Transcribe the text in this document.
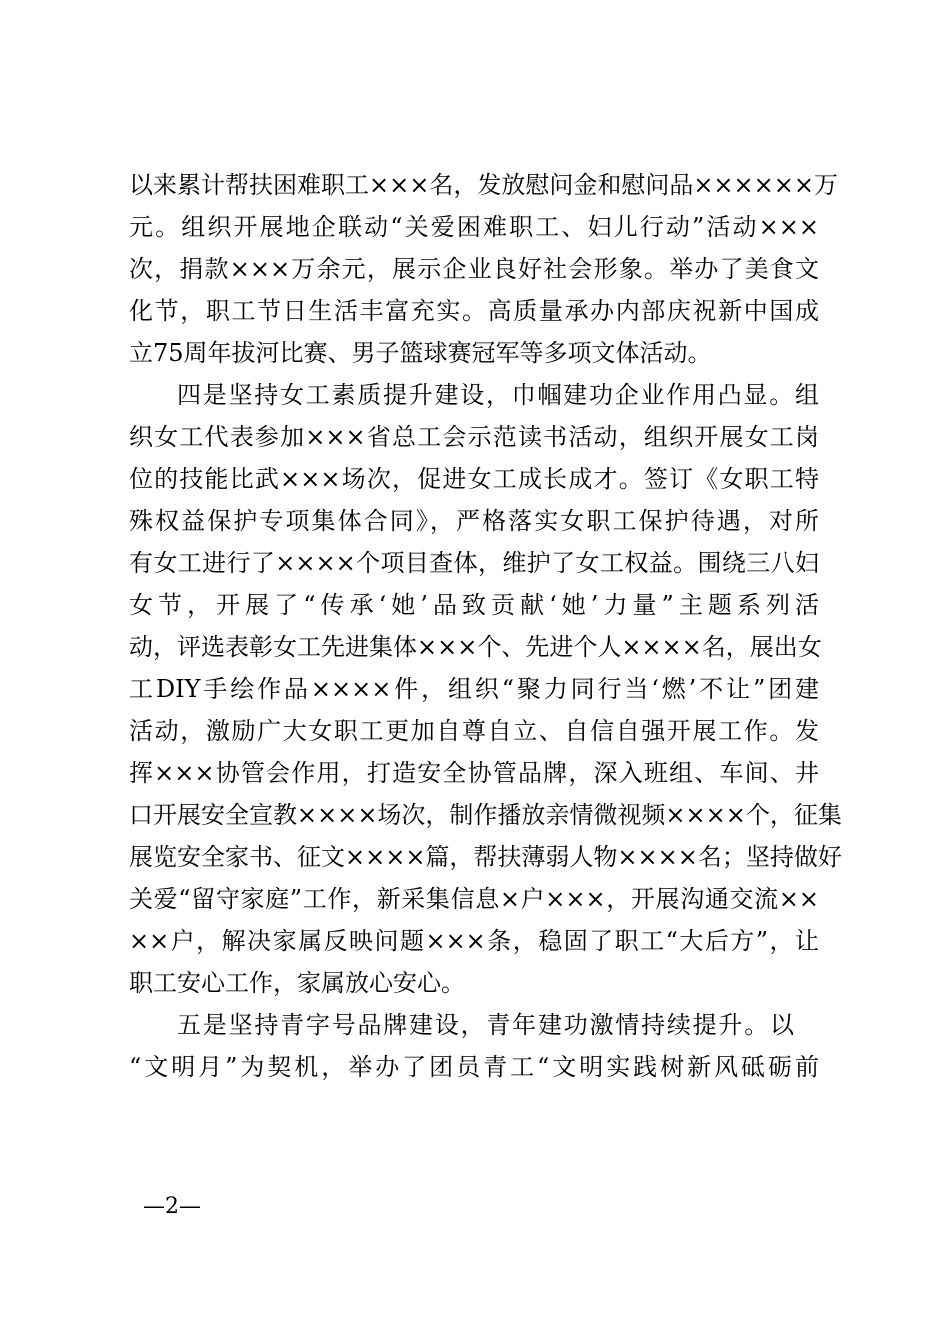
以来累计帮扶困难职工×××名，发放慰问金和慰问品××××××万
元。组织开展地企联动“关爱困难职工、妇儿行动”活动×××
次，捐款×××万余元，展示企业良好社会形象。举办了美食文
化节，职工节日生活丰富充实。高质量承办内部庆祝新中国成
立75周年拔河比赛、男子篮球赛冠军等多项文体活动。
四是坚持女工素质提升建设，巾帼建功企业作用凸显。组
织女工代表参加×××省总工会示范读书活动，组织开展女工岗
位的技能比武×××场次，促进女工成长成才。签订《女职工特
殊权益保护专项集体合同》，严格落实女职工保护待遇，对所
有女工进行了××××个项目查体，维护了女工权益。围绕三八妇
女节，开展了“传承‘她’品致贡献‘她’力量”主题系列活
动，评选表彰女工先进集体×××个、先进个人××××名，展出女
工DIY手绘作品××××件，组织“聚力同行当‘燃’不让”团建
活动，激励广大女职工更加自尊自立、自信自强开展工作。发
挥×××协管会作用，打造安全协管品牌，深入班组、车间、井
口开展安全宣教××××场次，制作播放亲情微视频××××个，征集
展览安全家书、征文××××篇，帮扶薄弱人物××××名；坚持做好
关爱“留守家庭”工作，新采集信息×户×××，开展沟通交流××
××户，解决家属反映问题×××条，稳固了职工“大后方”，让
职工安心工作，家属放心安心。
五是坚持青字号品牌建设，青年建功激情持续提升。以
“文明月”为契机，举办了团员青工“文明实践树新风砥砺前
—2—
